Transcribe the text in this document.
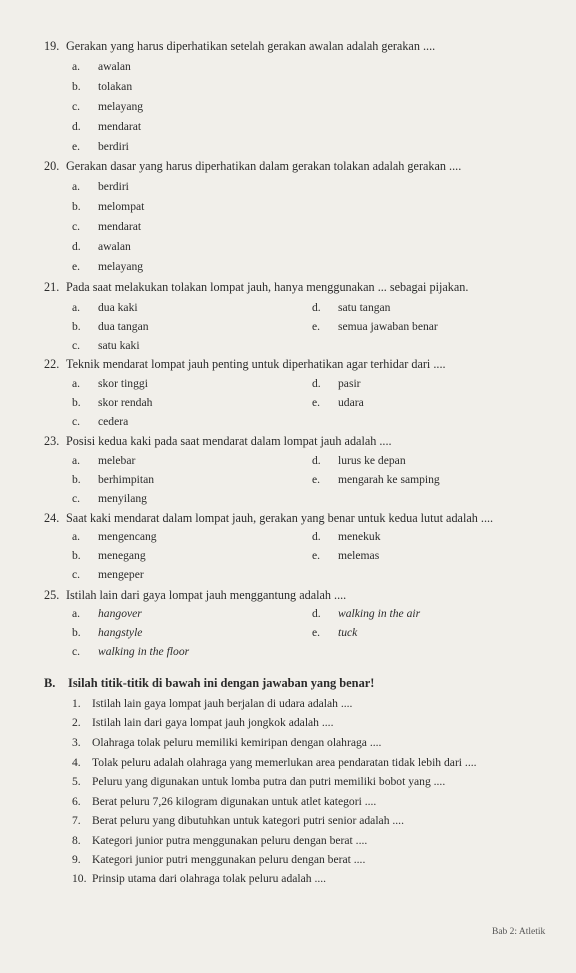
19. Gerakan yang harus diperhatikan setelah gerakan awalan adalah gerakan ....
a. awalan
b. tolakan
c. melayang
d. mendarat
e. berdiri
20. Gerakan dasar yang harus diperhatikan dalam gerakan tolakan adalah gerakan ....
a. berdiri
b. melompat
c. mendarat
d. awalan
e. melayang
21. Pada saat melakukan tolakan lompat jauh, hanya menggunakan ... sebagai pijakan.
a. dua kaki
b. dua tangan
c. satu kaki
d. satu tangan
e. semua jawaban benar
22. Teknik mendarat lompat jauh penting untuk diperhatikan agar terhidar dari ....
a. skor tinggi
b. skor rendah
c. cedera
d. pasir
e. udara
23. Posisi kedua kaki pada saat mendarat dalam lompat jauh adalah ....
a. melebar
b. berhimpitan
c. menyilang
d. lurus ke depan
e. mengarah ke samping
24. Saat kaki mendarat dalam lompat jauh, gerakan yang benar untuk kedua lutut adalah ....
a. mengencang
b. menegang
c. mengeper
d. menekuk
e. melemas
25. Istilah lain dari gaya lompat jauh menggantung adalah ....
a. hangover
b. hangstyle
c. walking in the floor
d. walking in the air
e. tuck
B. Isilah titik-titik di bawah ini dengan jawaban yang benar!
1. Istilah lain gaya lompat jauh berjalan di udara adalah ....
2. Istilah lain dari gaya lompat jauh jongkok adalah ....
3. Olahraga tolak peluru memiliki kemiripan dengan olahraga ....
4. Tolak peluru adalah olahraga yang memerlukan area pendaratan tidak lebih dari ....
5. Peluru yang digunakan untuk lomba putra dan putri memiliki bobot yang ....
6. Berat peluru 7,26 kilogram digunakan untuk atlet kategori ....
7. Berat peluru yang dibutuhkan untuk kategori putri senior adalah ....
8. Kategori junior putra menggunakan peluru dengan berat ....
9. Kategori junior putri menggunakan peluru dengan berat ....
10. Prinsip utama dari olahraga tolak peluru adalah ....
Bab 2: Atletik
